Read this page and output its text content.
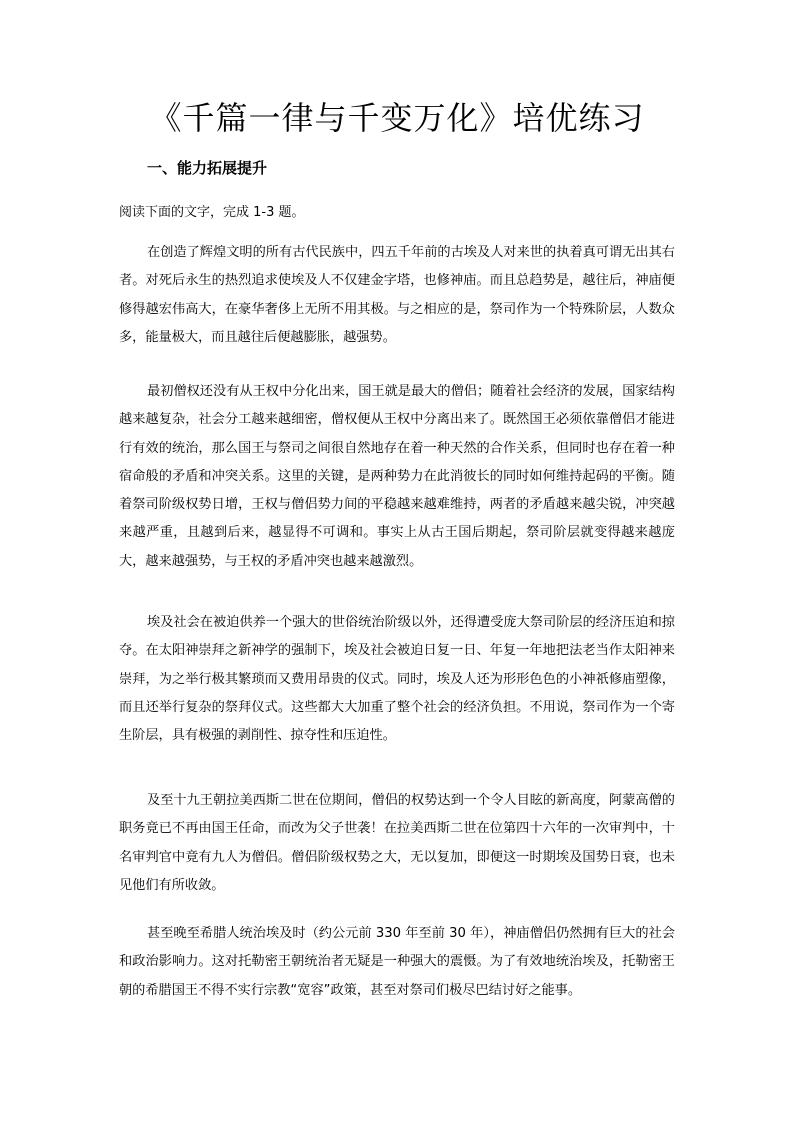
《千篇一律与千变万化》培优练习
一、能力拓展提升

阅读下面的文字，完成 1-3 题。

在创造了辉煌文明的所有古代民族中，四五千年前的古埃及人对来世的执着真可谓无出其右者。对死后永生的热烈追求使埃及人不仅建金字塔，也修神庙。而且总趋势是，越往后，神庙便修得越宏伟高大，在豪华奢侈上无所不用其极。与之相应的是，祭司作为一个特殊阶层，人数众多，能量极大，而且越往后便越膨胀，越强势。

最初僧权还没有从王权中分化出来，国王就是最大的僧侣；随着社会经济的发展，国家结构越来越复杂，社会分工越来越细密，僧权便从王权中分离出来了。既然国王必须依靠僧侣才能进行有效的统治，那么国王与祭司之间很自然地存在着一种天然的合作关系，但同时也存在着一种宿命般的矛盾和冲突关系。这里的关键，是两种势力在此消彼长的同时如何维持起码的平衡。随着祭司阶级权势日增，王权与僧侣势力间的平稳越来越难维持，两者的矛盾越来越尖锐，冲突越来越严重，且越到后来，越显得不可调和。事实上从古王国后期起，祭司阶层就变得越来越庞大，越来越强势，与王权的矛盾冲突也越来越激烈。

埃及社会在被迫供养一个强大的世俗统治阶级以外，还得遭受庞大祭司阶层的经济压迫和掠夺。在太阳神崇拜之新神学的强制下，埃及社会被迫日复一日、年复一年地把法老当作太阳神来崇拜，为之举行极其繁琐而又费用昂贵的仪式。同时，埃及人还为形形色色的小神祇修庙塑像，而且还举行复杂的祭拜仪式。这些都大大加重了整个社会的经济负担。不用说，祭司作为一个寄生阶层，具有极强的剥削性、掠夺性和压迫性。

及至十九王朝拉美西斯二世在位期间，僧侣的权势达到一个令人目眩的新高度，阿蒙高僧的职务竟已不再由国王任命，而改为父子世袭！在拉美西斯二世在位第四十六年的一次审判中，十名审判官中竟有九人为僧侣。僧侣阶级权势之大，无以复加，即便这一时期埃及国势日衰，也未见他们有所收敛。

甚至晚至希腊人统治埃及时（约公元前 330 年至前 30 年），神庙僧侣仍然拥有巨大的社会和政治影响力。这对托勒密王朝统治者无疑是一种强大的震慑。为了有效地统治埃及，托勒密王朝的希腊国王不得不实行宗教“宽容”政策，甚至对祭司们极尽巴结讨好之能事。
